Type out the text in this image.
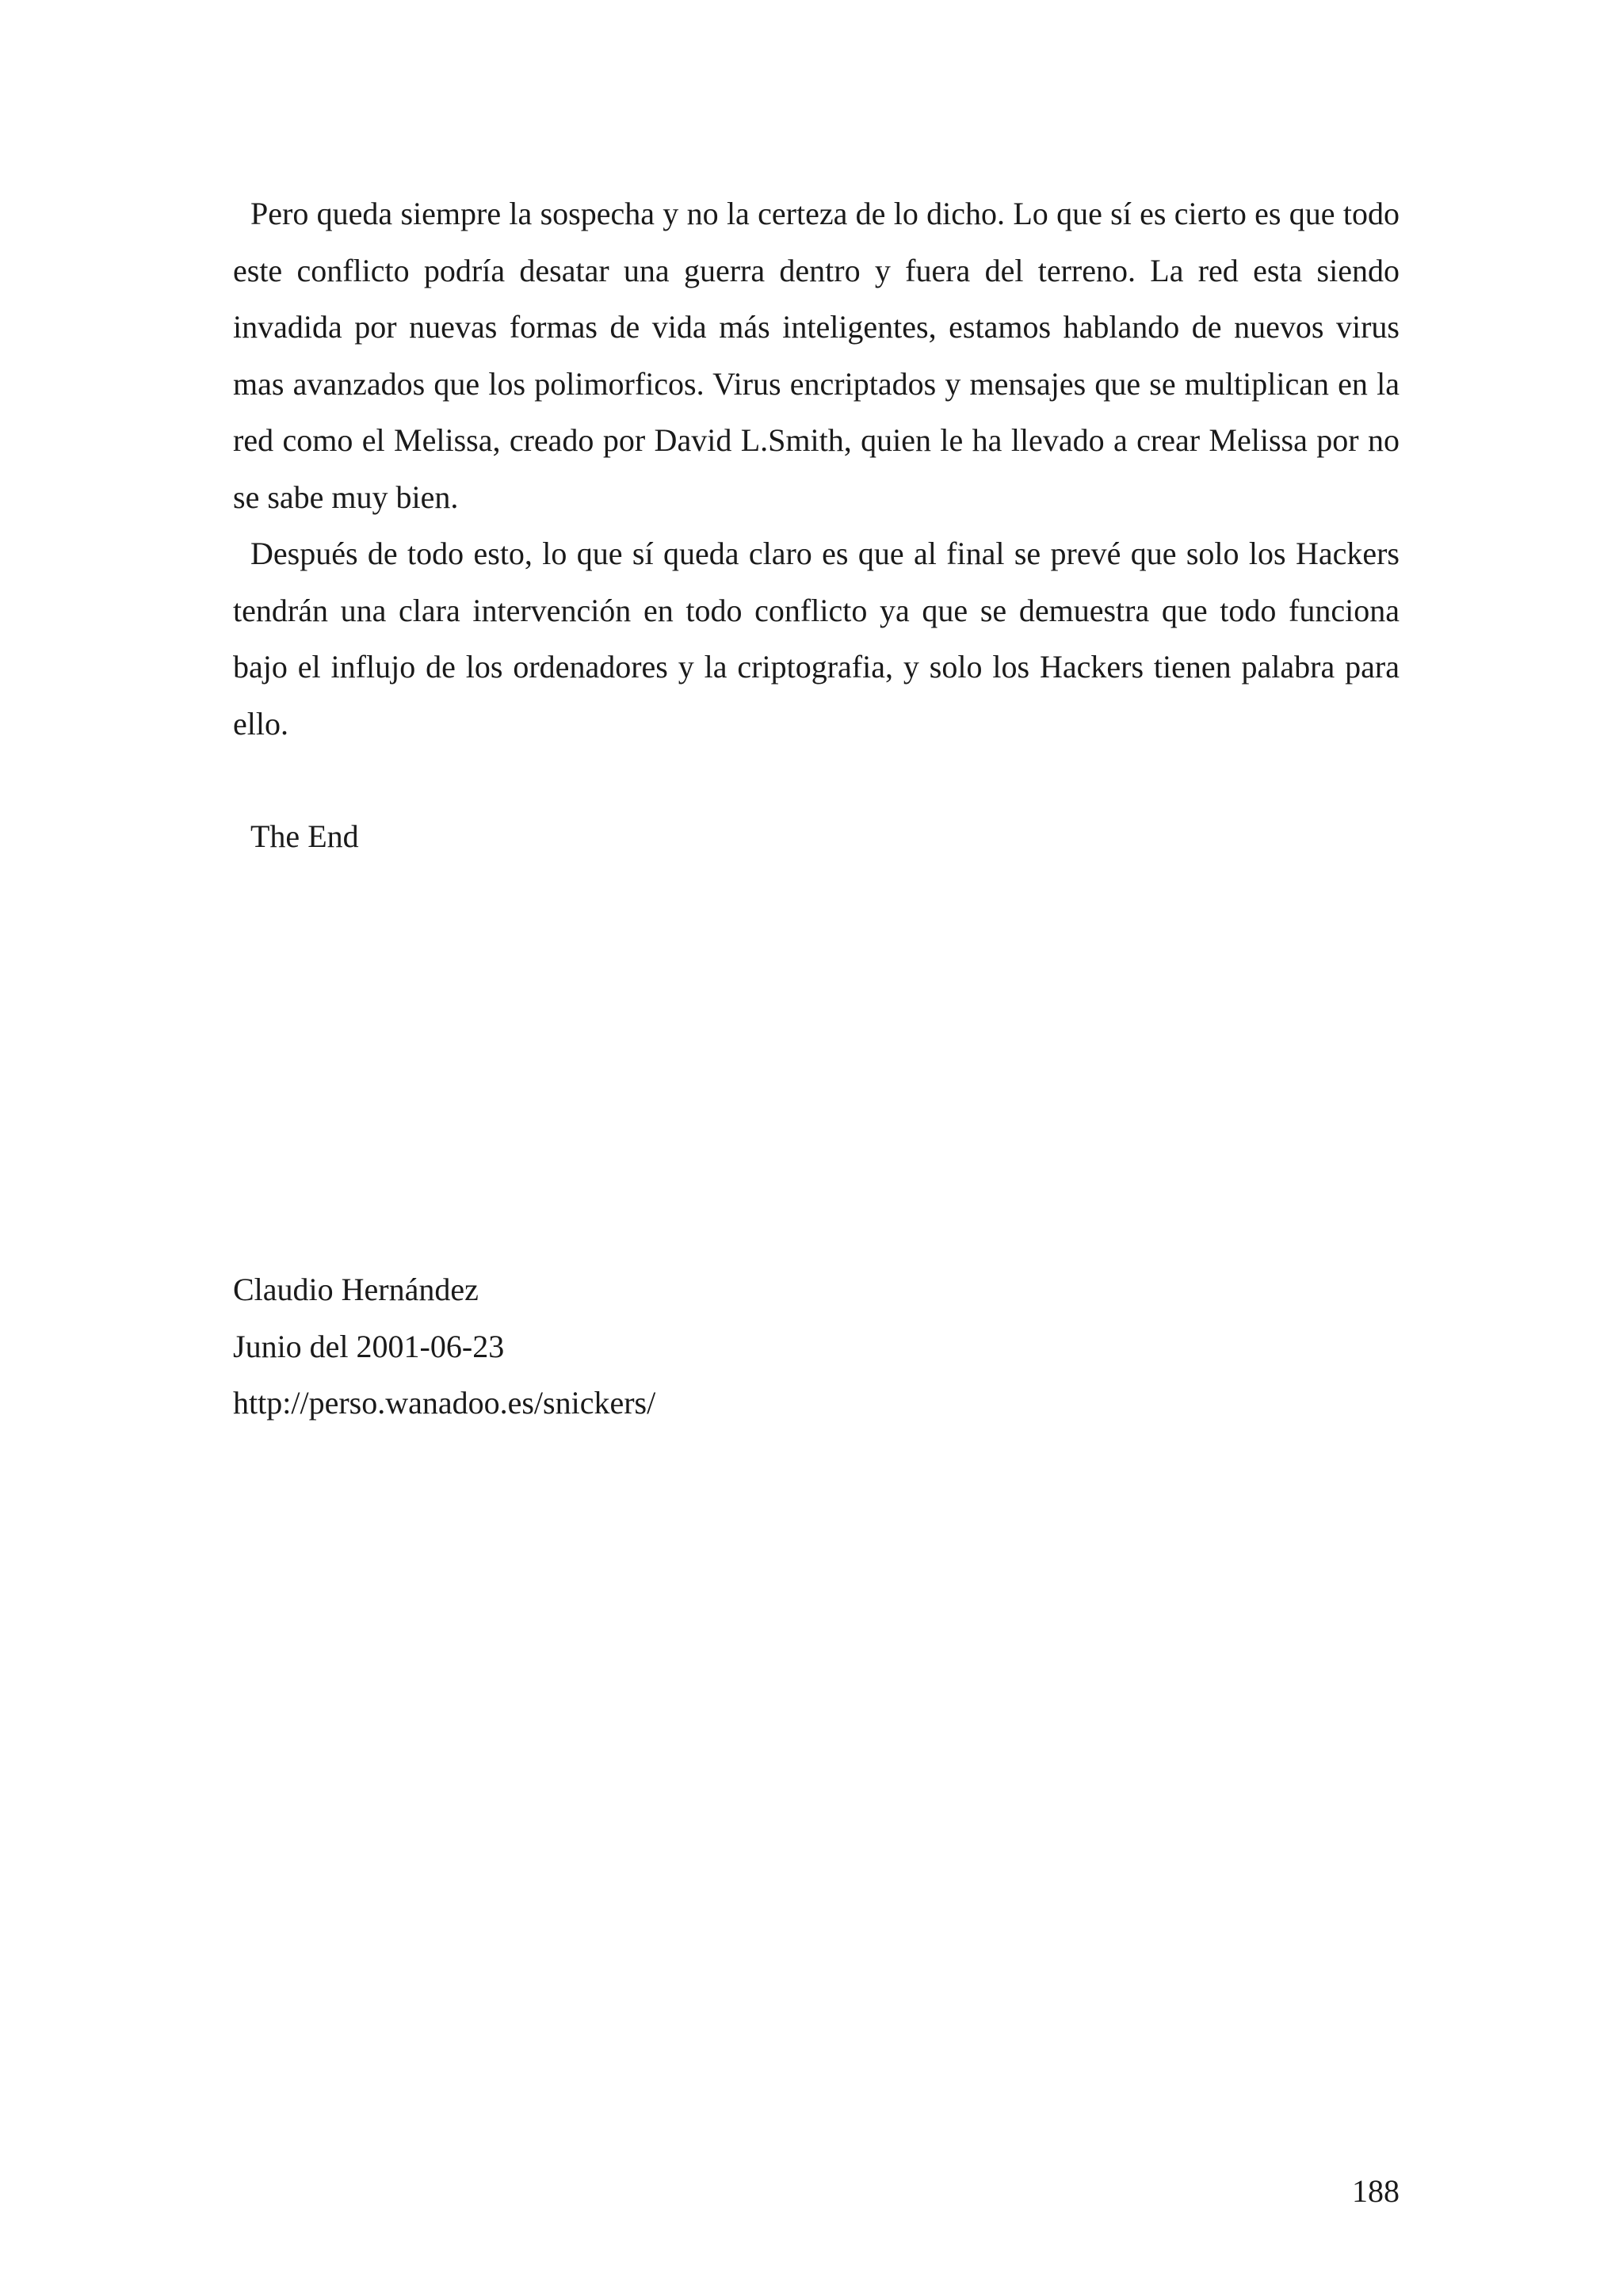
Pero queda siempre la sospecha y no la certeza de lo dicho. Lo que sí es cierto es que todo este conflicto podría desatar una guerra dentro y fuera del terreno. La red esta siendo invadida por nuevas formas de vida más inteligentes, estamos hablando de nuevos virus mas avanzados que los polimorficos. Virus encriptados y mensajes que se multiplican en la red como el Melissa, creado por David L.Smith, quien le ha llevado a crear Melissa por no se sabe muy bien.

Después de todo esto, lo que sí queda claro es que al final se prevé que solo los Hackers tendrán una clara intervención en todo conflicto ya que se demuestra que todo funciona bajo el influjo de los ordenadores y la criptografia, y solo los Hackers tienen palabra para ello.

The End
Claudio Hernández
Junio del 2001-06-23
http://perso.wanadoo.es/snickers/
188
